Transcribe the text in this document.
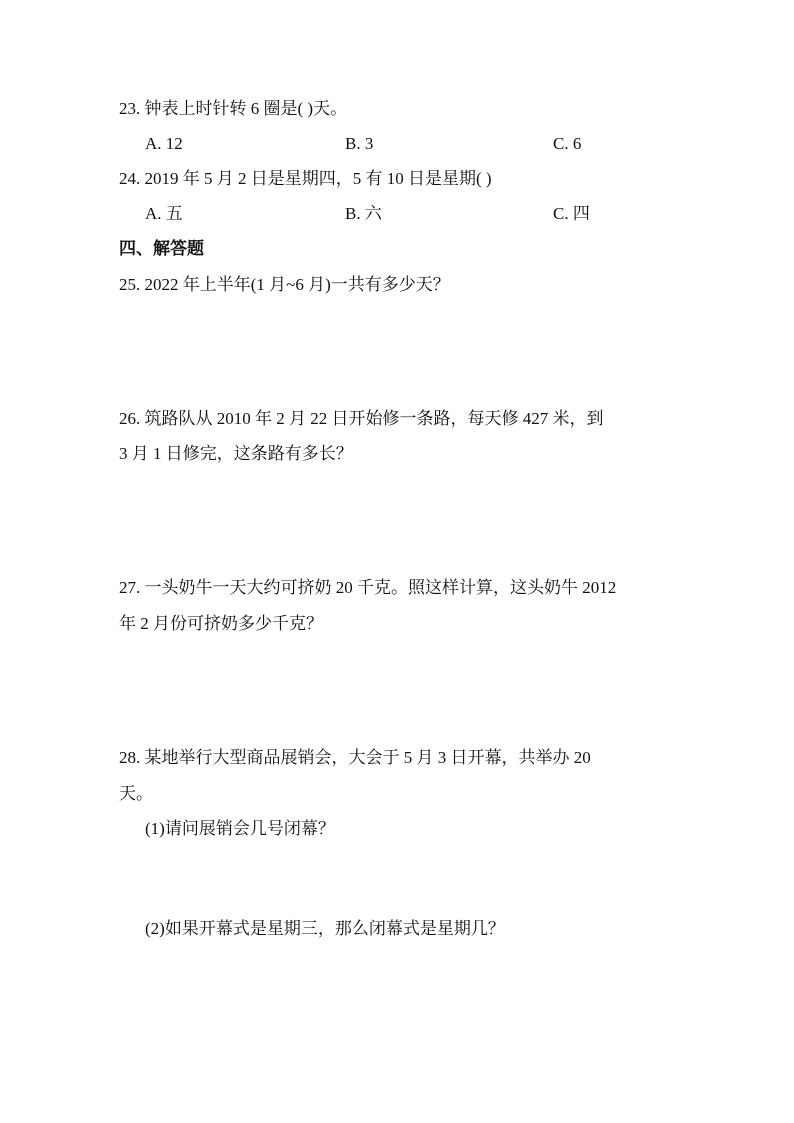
23. 钟表上时针转 6 圈是( )天。
A. 12	B. 3	C. 6
24. 2019 年 5 月 2 日是星期四，5 有 10 日是星期( )
A. 五	B. 六	C. 四
四、解答题
25. 2022 年上半年(1 月~6 月)一共有多少天？
26. 筑路队从 2010 年 2 月 22 日开始修一条路，每天修 427 米，到
3 月 1 日修完，这条路有多长？
27. 一头奶牛一天大约可挤奶 20 千克。照这样计算，这头奶牛 2012
年 2 月份可挤奶多少千克？
28. 某地举行大型商品展销会，大会于 5 月 3 日开幕，共举办 20
天。
(1)请问展销会几号闭幕？
(2)如果开幕式是星期三，那么闭幕式是星期几？
